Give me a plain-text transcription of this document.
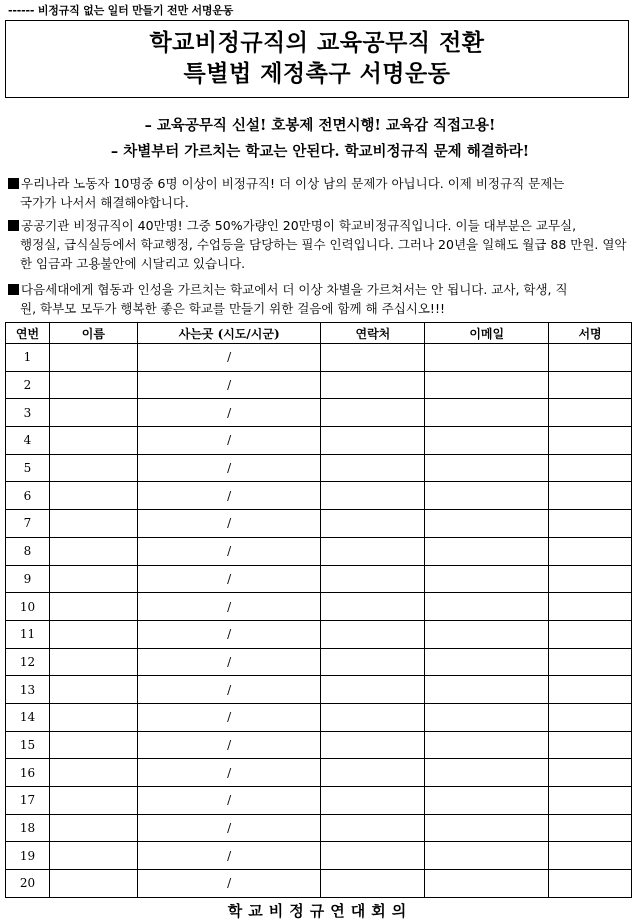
------ 비정규직 없는 일터 만들기 전만 서명운동
학교비정규직의 교육공무직 전환
특별법 제정촉구 서명운동
– 교육공무직 신설! 호봉제 전면시행! 교육감 직접고용!
– 차별부터 가르치는 학교는 안된다. 학교비정규직 문제 해결하라!
우리나라 노동자 10명중 6명 이상이 비정규직! 더 이상 남의 문제가 아닙니다. 이제 비정규직 문제는
국가가 나서서 해결해야합니다.
공공기관 비정규직이 40만명! 그중 50%가량인 20만명이 학교비정규직입니다. 이들 대부분은 교무실,
행정실, 급식실등에서 학교행정, 수업등을 담당하는 필수 인력입니다. 그러나 20년을 일해도 월급 88 만원. 열악한 임금과 고용불안에 시달리고 있습니다.
다음세대에게 협동과 인성을 가르치는 학교에서 더 이상 차별을 가르쳐서는 안 됩니다. 교사, 학생, 직
원, 학부모 모두가 행복한 좋은 학교를 만들기 위한 걸음에 함께 해 주십시오!!!
연번	이름	사는곳 (시도/시군)	연락처	이메일	서명
1		/			
2		/			
3		/			
4		/			
5		/			
6		/			
7		/			
8		/			
9		/			
10		/			
11		/			
12		/			
13		/			
14		/			
15		/			
16		/			
17		/			
18		/			
19		/			
20		/			
학교비정규연대회의
